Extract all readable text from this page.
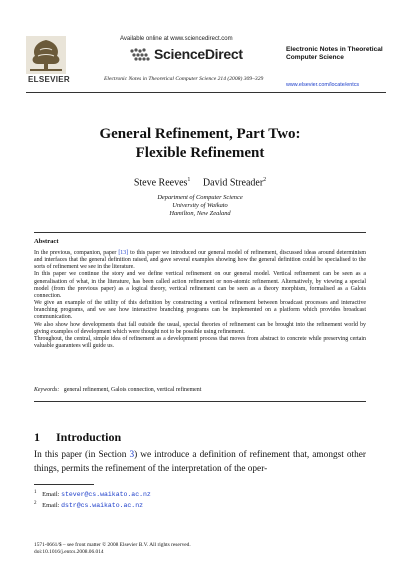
ELSEVIER
Available online at www.sciencedirect.com
ScienceDirect
Electronic Notes in Theoretical Computer Science 214 (2008) 309–329
Electronic Notes in Theoretical Computer Science
www.elsevier.com/locate/entcs
General Refinement, Part Two:
Flexible Refinement
Steve Reeves$^1$ David Streader$^2$
Department of Computer Science
University of Waikato
Hamilton, New Zealand
Abstract

In the previous, companion, paper [13] to this paper we introduced our general model of refinement, discussed ideas around determinism and interfaces that the general definition raised, and gave several examples showing how the general definition could be specialised to the sorts of refinement we see in the literature.

In this paper we continue the story and we define vertical refinement on our general model. Vertical refinement can be seen as a generalisation of what, in the literature, has been called action refinement or non-atomic refinement. Alternatively, by viewing a special model (from the previous paper) as a logical theory, vertical refinement can be seen as a theory morphism, formalised as a Galois connection.

We give an example of the utility of this definition by constructing a vertical refinement between broadcast processes and interactive branching programs, and we see how interactive branching programs can be implemented on a platform which provides broadcast communication.

We also show how developments that fall outside the usual, special theories of refinement can be brought into the refinement world by giving examples of development which were thought not to be possible using refinement.

Throughout, the central, simple idea of refinement as a development process that moves from abstract to concrete while preserving certain valuable guarantees will guide us.

Keywords: general refinement, Galois connection, vertical refinement
1 Introduction
In this paper (in Section 3) we introduce a definition of refinement that, amongst other things, permits the refinement of the interpretation of the oper-
$^1$ Email: stever@cs.waikato.ac.nz
$^2$ Email: dstr@cs.waikato.ac.nz
1571-0661/$ – see front matter © 2008 Elsevier B.V. All rights reserved.
doi:10.1016/j.entcs.2008.06.014
